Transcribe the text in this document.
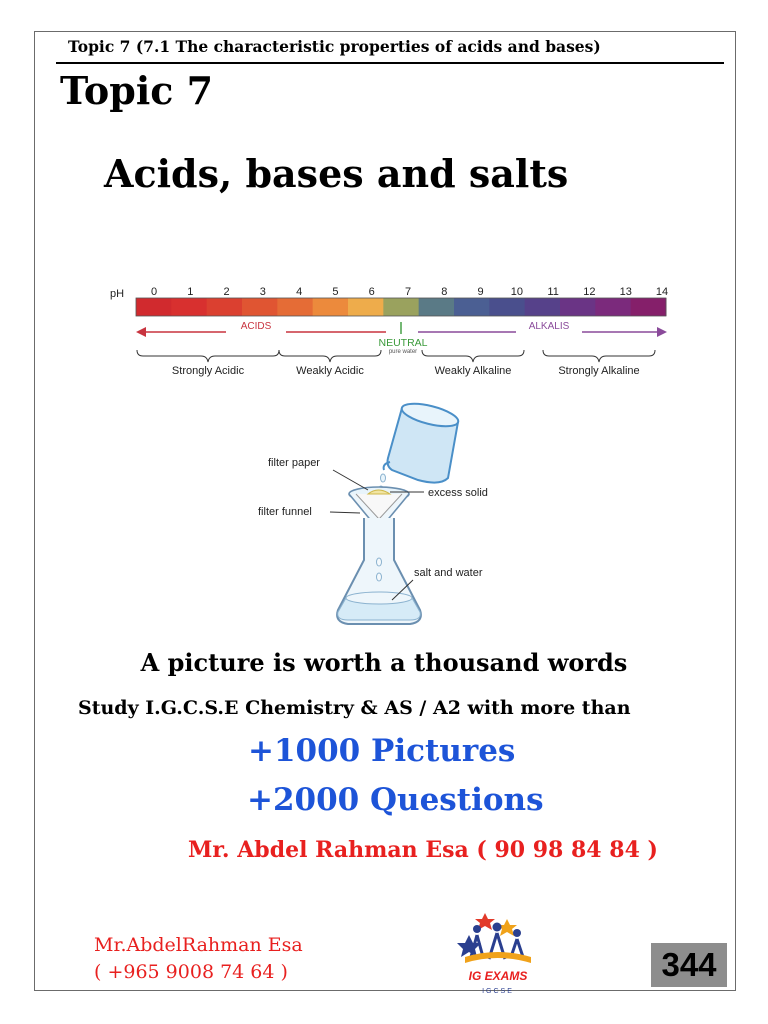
Topic 7 (7.1 The characteristic properties of acids and bases)
Topic 7
Acids, bases and salts
pH 0	1	2	3	4	5	6	7	8	9 10 11 12 13 14
ACIDS	ALKALIS
NEUTRAL
pure water
Strongly Acidic	Weakly Acidic	Weakly Alkaline	Strongly Alkaline
filter paper
filter funnel
excess solid
salt and water
A picture is worth a thousand words
Study I.G.C.S.E Chemistry & AS / A2 with more than
+1000 Pictures
+2000 Questions
Mr. Abdel Rahman Esa ( 90 98 84 84 )
Mr.AbdelRahman Esa
( +965 9008 74 64 )	IG EXAMS
IGCSE
344
